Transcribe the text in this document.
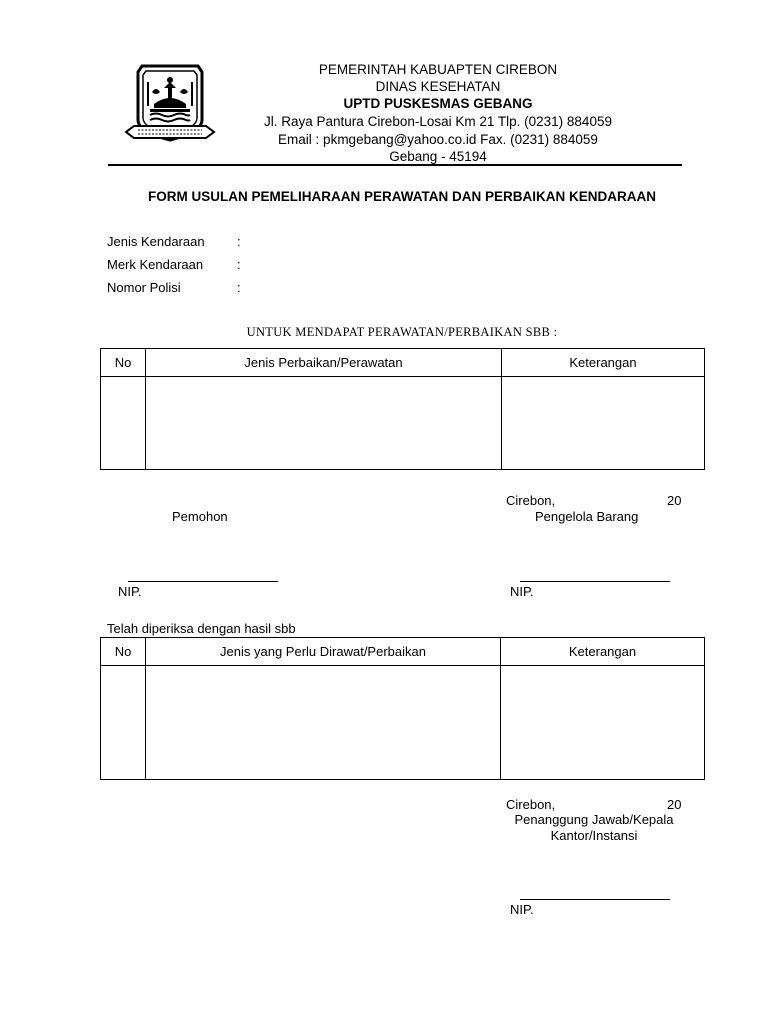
PEMERINTAH KABUAPTEN CIREBON
DINAS KESEHATAN
UPTD PUSKESMAS GEBANG
Jl. Raya Pantura Cirebon-Losai Km 21 Tlp. (0231) 884059
Email : pkmgebang@yahoo.co.id Fax. (0231) 884059
Gebang - 45194
FORM USULAN PEMELIHARAAN PERAWATAN DAN PERBAIKAN KENDARAAN
Jenis Kendaraan :
Merk Kendaraan	:
Nomor Polisi	:
UNTUK MENDAPAT PERAWATAN/PERBAIKAN SBB :
No	Jenis Perbaikan/Perawatan	Keterangan

Cirebon,	20
Pemohon	Pengelola Barang
NIP.	NIP.
Telah diperiksa dengan hasil sbb
No	Jenis yang Perlu Dirawat/Perbaikan	Keterangan

Cirebon,	20
Penanggung Jawab/Kepala
Kantor/Instansi
NIP.
